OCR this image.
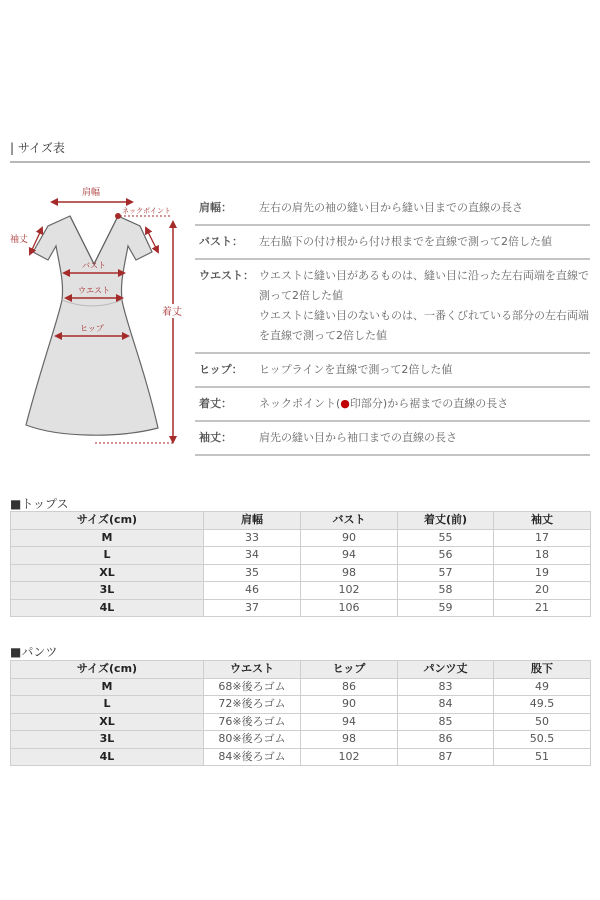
| サイズ表
肩幅
ネックポイント
袖丈
バスト
ウエスト
ヒップ
着丈
肩幅：	左右の肩先の袖の縫い目から縫い目までの直線の長さ
バスト：	左右脇下の付け根から付け根までを直線で測って2倍した値
ウエスト： ウエストに縫い目があるものは、縫い目に沿った左右両端を直線で測って2倍した値
ウエストに縫い目のないものは、一番くびれている部分の左右両端を直線で測って2倍した値
ヒップ：	ヒップラインを直線で測って2倍した値
着丈：	ネックポイント(●印部分)から裾までの直線の長さ
袖丈：	肩先の縫い目から袖口までの直線の長さ
■トップス
サイズ(cm)	肩幅	バスト	着丈(前)	袖丈
M	33	90	55	17
L	34	94	56	18
XL	35	98	57	19
3L	46	102	58	20
4L	37	106	59	21
■パンツ
サイズ(cm)	ウエスト	ヒップ	パンツ丈	股下
M	68※後ろゴム	86	83	49
L	72※後ろゴム	90	84	49.5
XL	76※後ろゴム	94	85	50
3L	80※後ろゴム	98	86	50.5
4L	84※後ろゴム	102	87	51
